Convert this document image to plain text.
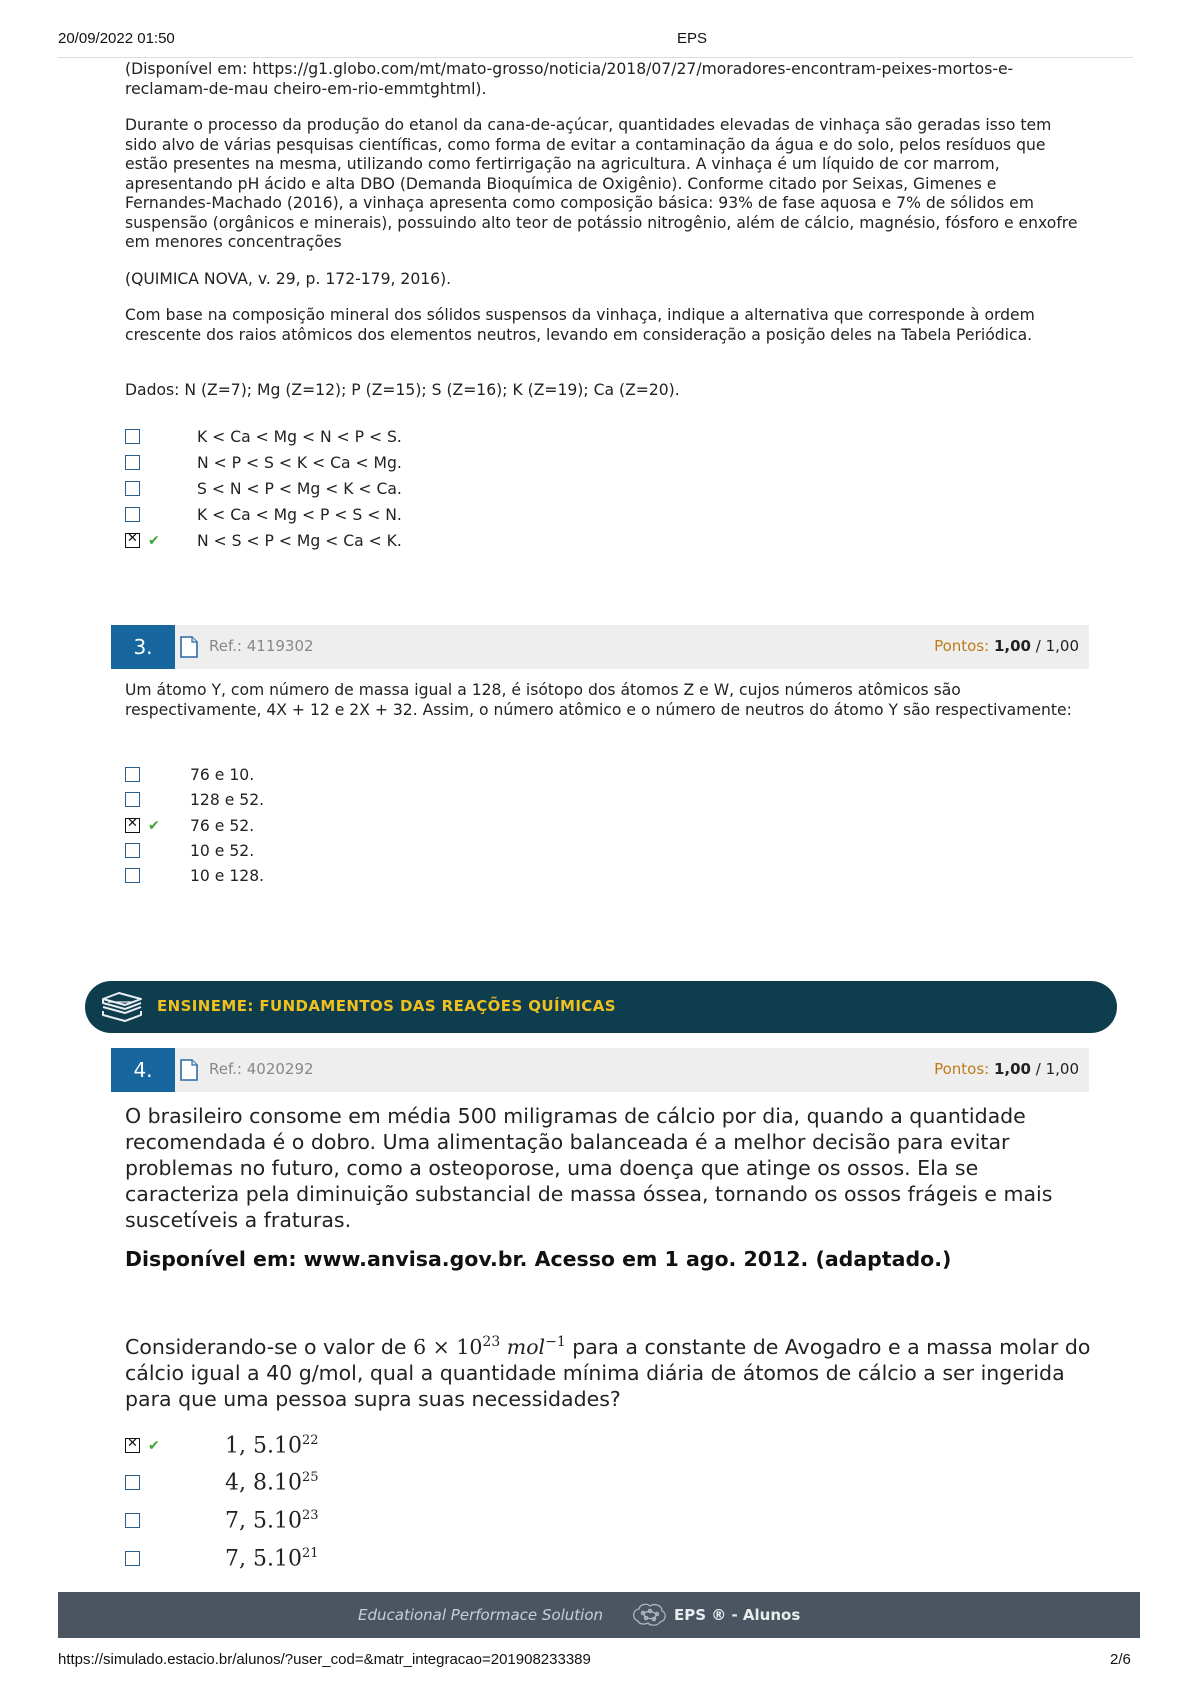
20/09/2022 01:50	EPS

(Disponível em: https://g1.globo.com/mt/mato-grosso/noticia/2018/07/27/moradores-encontram-peixes-mortos-e-reclamam-de-mau cheiro-em-rio-emmtghtml).

Durante o processo da produção do etanol da cana-de-açúcar, quantidades elevadas de vinhaça são geradas isso tem sido alvo de várias pesquisas científicas, como forma de evitar a contaminação da água e do solo, pelos resíduos que estão presentes na mesma, utilizando como fertirrigação na agricultura. A vinhaça é um líquido de cor marrom, apresentando pH ácido e alta DBO (Demanda Bioquímica de Oxigênio). Conforme citado por Seixas, Gimenes e Fernandes-Machado (2016), a vinhaça apresenta como composição básica: 93% de fase aquosa e 7% de sólidos em suspensão (orgânicos e minerais), possuindo alto teor de potássio nitrogênio, além de cálcio, magnésio, fósforo e enxofre em menores concentrações

(QUIMICA NOVA, v. 29, p. 172-179, 2016).

Com base na composição mineral dos sólidos suspensos da vinhaça, indique a alternativa que corresponde à ordem crescente dos raios atômicos dos elementos neutros, levando em consideração a posição deles na Tabela Periódica.

Dados: N (Z=7); Mg (Z=12); P (Z=15); S (Z=16); K (Z=19); Ca (Z=20).

K < Ca < Mg < N < P < S.
N < P < S < K < Ca < Mg.
S < N < P < Mg < K < Ca.
K < Ca < Mg < P < S < N.
✕
✔ N < S < P < Mg < Ca < K.
3.	Ref.: 4119302	Pontos: 1,00 / 1,00

Um átomo Y, com número de massa igual a 128, é isótopo dos átomos Z e W, cujos números atômicos são respectivamente, 4X + 12 e 2X + 32. Assim, o número atômico e o número de neutros do átomo Y são respectivamente:

76 e 10.
128 e 52.
✕
✔ 76 e 52.
10 e 52.
10 e 128.
ENSINEME: FUNDAMENTOS DAS REAÇÕES QUÍMICAS
4.	Ref.: 4020292	Pontos: 1,00 / 1,00

O brasileiro consome em média 500 miligramas de cálcio por dia, quando a quantidade recomendada é o dobro. Uma alimentação balanceada é a melhor decisão para evitar problemas no futuro, como a osteoporose, uma doença que atinge os ossos. Ela se caracteriza pela diminuição substancial de massa óssea, tornando os ossos frágeis e mais suscetíveis a fraturas.

Disponível em: www.anvisa.gov.br. Acesso em 1 ago. 2012. (adaptado.)

Considerando-se o valor de $6 \times 10^{23}$ mol$^{-1}$ para a constante de Avogadro e a massa molar do cálcio igual a 40 g/mol, qual a quantidade mínima diária de átomos de cálcio a ser ingerida para que uma pessoa supra suas necessidades?

✕
✔	1, 5.10$^{22}$
4, 8.10$^{25}$
7, 5.10$^{23}$
7, 5.10$^{21}$
Educational Performace Solution	EPS ® - Alunos
https://simulado.estacio.br/alunos/?user_cod=&matr_integracao=201908233389	2/6
